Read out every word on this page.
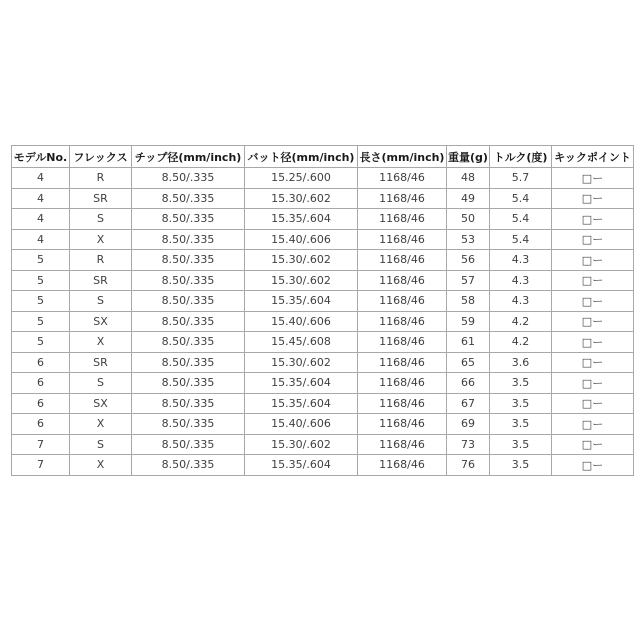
モデルNo.	フレックス	チップ径(mm/inch)	バット径(mm/inch)	長さ(mm/inch)	重量(g)	トルク(度)	キックポイント
4	R	8.50/.335	15.25/.600	1168/46	48	5.7	□ー
4	SR	8.50/.335	15.30/.602	1168/46	49	5.4	□ー
4	S	8.50/.335	15.35/.604	1168/46	50	5.4	□ー
4	X	8.50/.335	15.40/.606	1168/46	53	5.4	□ー
5	R	8.50/.335	15.30/.602	1168/46	56	4.3	□ー
5	SR	8.50/.335	15.30/.602	1168/46	57	4.3	□ー
5	S	8.50/.335	15.35/.604	1168/46	58	4.3	□ー
5	SX	8.50/.335	15.40/.606	1168/46	59	4.2	□ー
5	X	8.50/.335	15.45/.608	1168/46	61	4.2	□ー
6	SR	8.50/.335	15.30/.602	1168/46	65	3.6	□ー
6	S	8.50/.335	15.35/.604	1168/46	66	3.5	□ー
6	SX	8.50/.335	15.35/.604	1168/46	67	3.5	□ー
6	X	8.50/.335	15.40/.606	1168/46	69	3.5	□ー
7	S	8.50/.335	15.30/.602	1168/46	73	3.5	□ー
7	X	8.50/.335	15.35/.604	1168/46	76	3.5	□ー
